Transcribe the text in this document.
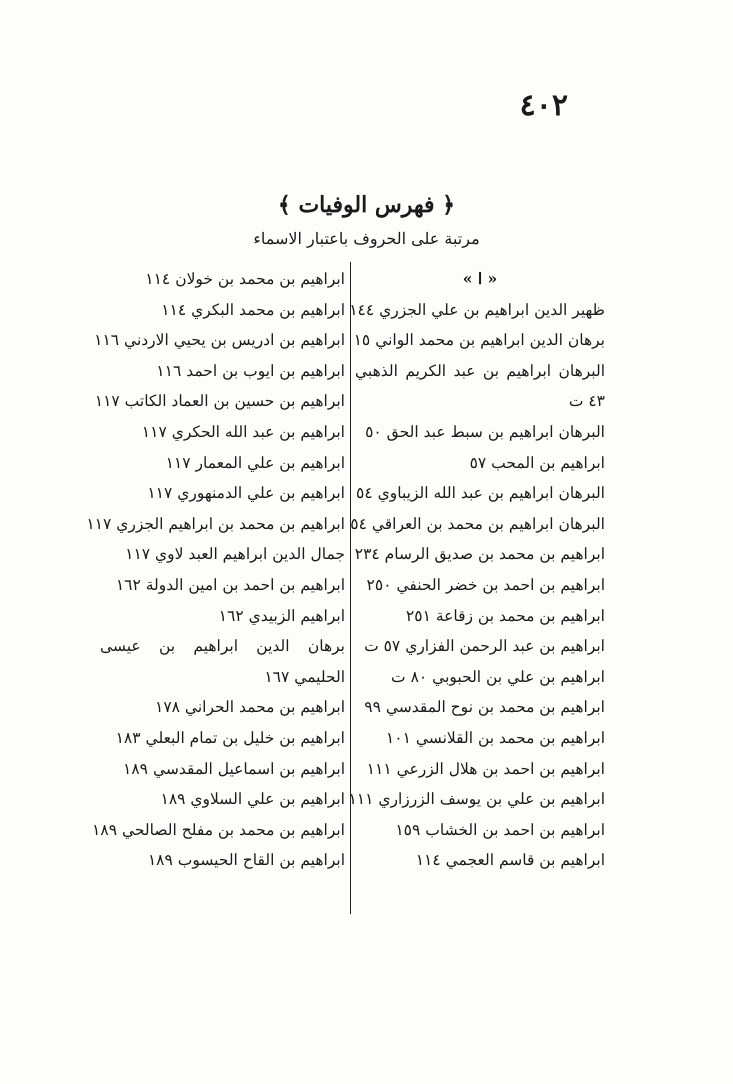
٤٠٢
﴿ فهرس الوفيات ﴾
مرتبة على الحروف باعتبار الاسماء
« ا »
ظهير الدين ابراهيم بن علي الجزري ١٤٤
برهان الدين ابراهيم بن محمد الواني ١٥
البرهان ابراهيم بن عبد الكريم الذهبي
٤٣ ت
البرهان ابراهيم بن سبط عبد الحق ٥٠
ابراهيم بن المحب ٥٧
البرهان ابراهيم بن عبد الله الزيباوي ٥٤
البرهان ابراهيم بن محمد بن العراقي ٥٤
ابراهيم بن محمد بن صديق الرسام ٢٣٤
ابراهيم بن احمد بن خضر الحنفي ٢٥٠
ابراهيم بن محمد بن زقاعة ٢٥١
ابراهيم بن عبد الرحمن الفزاري ٥٧ ت
ابراهيم بن علي بن الحبوبي ٨٠ ت
ابراهيم بن محمد بن نوح المقدسي ٩٩
ابراهيم بن محمد بن القلانسي ١٠١
ابراهيم بن احمد بن هلال الزرعي ١١١
ابراهيم بن علي بن يوسف الزرزاري ١١١
ابراهيم بن احمد بن الخشاب ١٥٩
ابراهيم بن قاسم العجمي ١١٤
ابراهيم بن محمد بن خولان ١١٤
ابراهيم بن محمد البكري ١١٤
ابراهيم بن ادريس بن يحيي الاردني ١١٦
ابراهيم بن ايوب بن احمد ١١٦
ابراهيم بن حسين بن العماد الكاتب ١١٧
ابراهيم بن عبد الله الحكري ١١٧
ابراهيم بن علي المعمار ١١٧
ابراهيم بن علي الدمنهوري ١١٧
ابراهيم بن محمد بن ابراهيم الجزري ١١٧
جمال الدين ابراهيم العبد لاوي ١١٧
ابراهيم بن احمد بن امين الدولة ١٦٢
ابراهيم الزبيدي ١٦٢
برهان الدين ابراهيم بن عيسى
الحليمي ١٦٧
ابراهيم بن محمد الحراني ١٧٨
ابراهيم بن خليل بن تمام البعلي ١٨٣
ابراهيم بن اسماعيل المقدسي ١٨٩
ابراهيم بن علي السلاوي ١٨٩
ابراهيم بن محمد بن مفلح الصالحي ١٨٩
ابراهيم بن القاح الحيسوب ١٨٩
